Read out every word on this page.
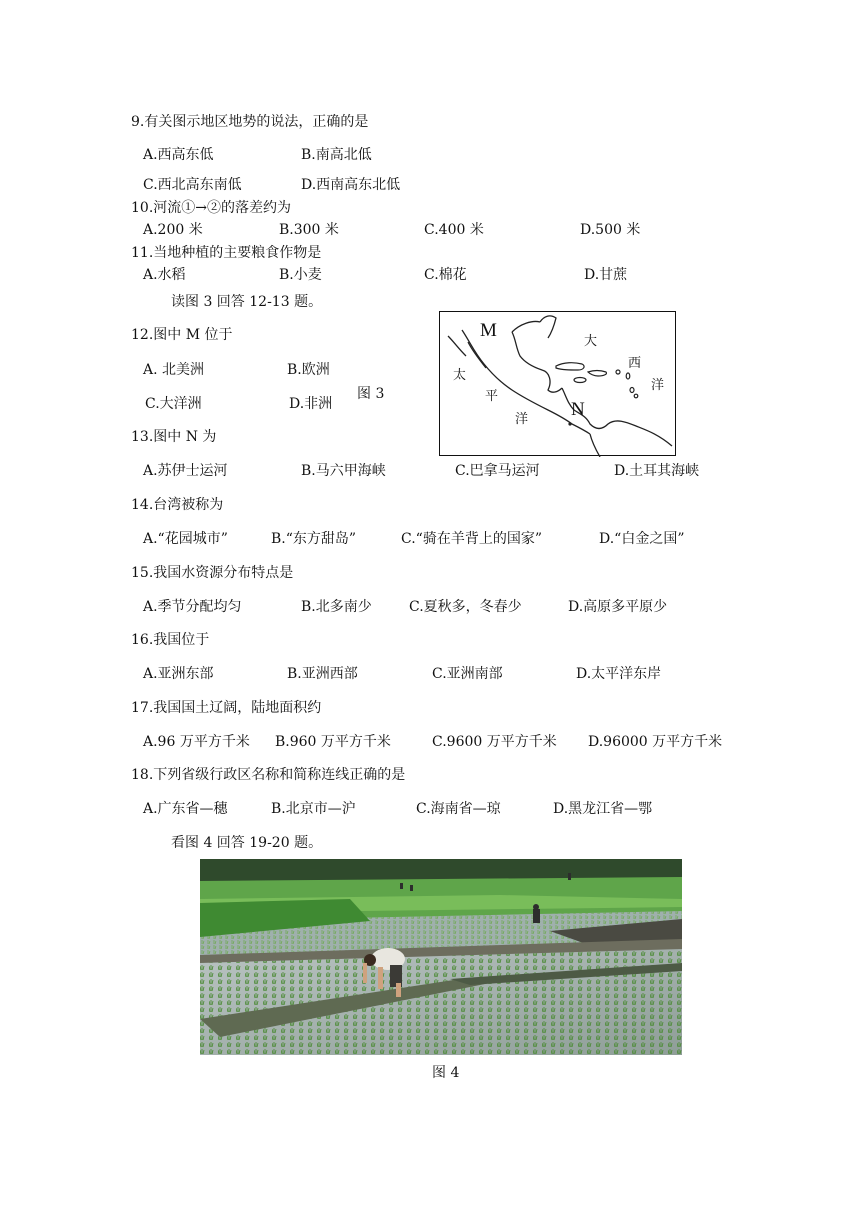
9.有关图示地区地势的说法，正确的是
A.西高东低	B.南高北低
C.西北高东南低	D.西南高东北低
10.河流①→②的落差约为
A.200 米	B.300 米	C.400 米	D.500 米
11.当地种植的主要粮食作物是
A.水稻	B.小麦	C.棉花	D.甘蔗
读图 3 回答 12-13 题。
12.图中 M 位于
A. 北美洲	B.欧洲
C.大洋洲	D.非洲
图 3
M
N
太
平
洋
大
西
洋
13.图中 N 为
A.苏伊士运河	B.马六甲海峡	C.巴拿马运河	D.土耳其海峡
14.台湾被称为
A.“花园城市”	B.“东方甜岛”	C.“骑在羊背上的国家”	D.“白金之国”
15.我国水资源分布特点是
A.季节分配均匀	B.北多南少	C.夏秋多，冬春少	D.高原多平原少
16.我国位于
A.亚洲东部	B.亚洲西部	C.亚洲南部	D.太平洋东岸
17.我国国土辽阔，陆地面积约
A.96 万平方千米 B.960 万平方千米	C.9600 万平方千米 D.96000 万平方千米
18.下列省级行政区名称和简称连线正确的是
A.广东省—穗	B.北京市—沪	C.海南省—琼	D.黑龙江省—鄂
看图 4 回答 19-20 题。
图 4
